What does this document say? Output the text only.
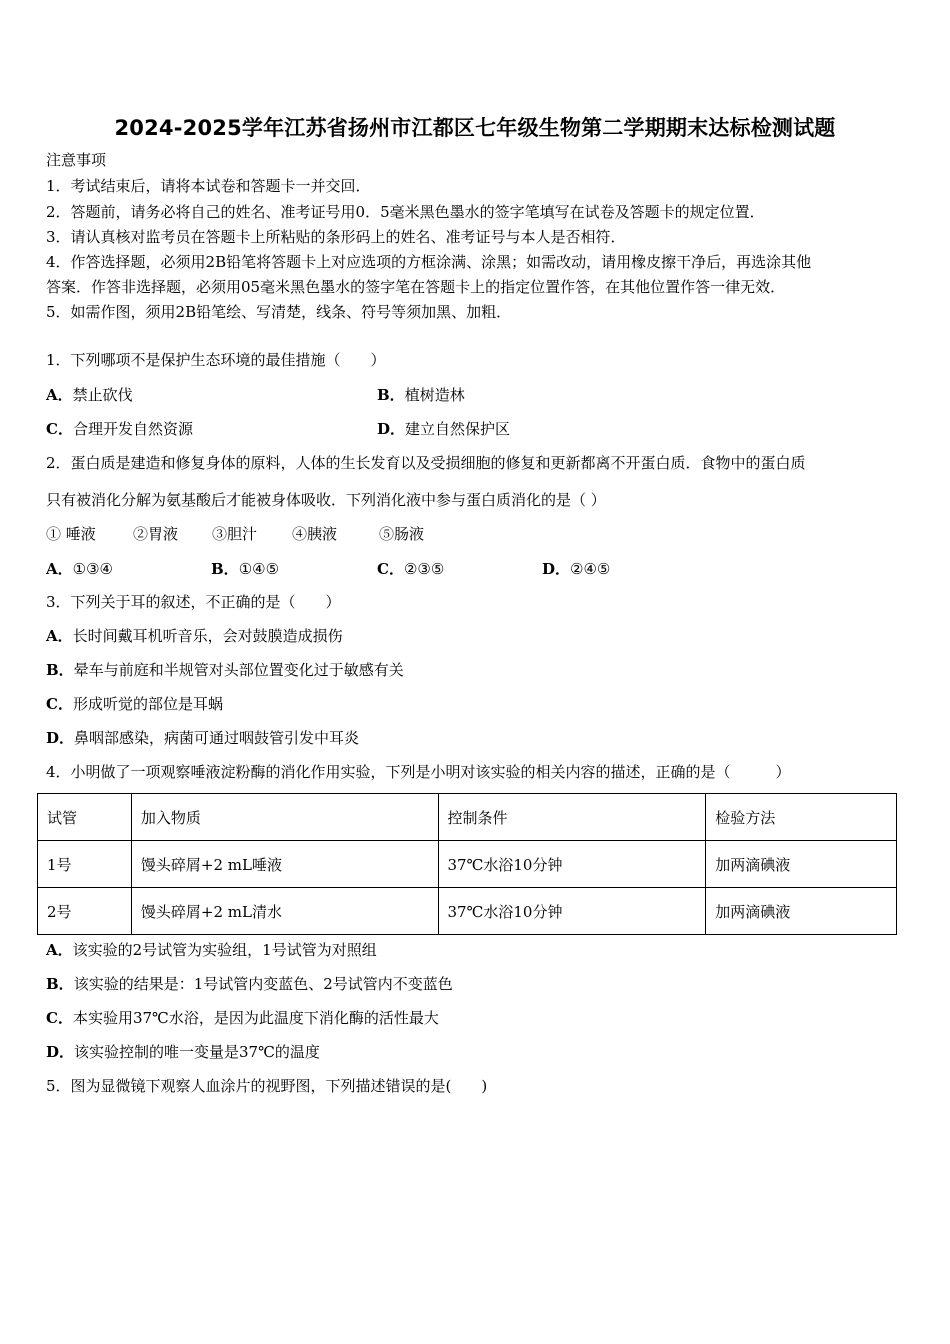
2024-2025学年江苏省扬州市江都区七年级生物第二学期期末达标检测试题
注意事项
1．考试结束后，请将本试卷和答题卡一并交回．
2．答题前，请务必将自己的姓名、准考证号用0．5毫米黑色墨水的签字笔填写在试卷及答题卡的规定位置．
3．请认真核对监考员在答题卡上所粘贴的条形码上的姓名、准考证号与本人是否相符．
4．作答选择题，必须用2B铅笔将答题卡上对应选项的方框涂满、涂黑；如需改动，请用橡皮擦干净后，再选涂其他
答案．作答非选择题，必须用05毫米黑色墨水的签字笔在答题卡上的指定位置作答，在其他位置作答一律无效．
5．如需作图，须用2B铅笔绘、写清楚，线条、符号等须加黑、加粗．
1．下列哪项不是保护生态环境的最佳措施（　　）
A．禁止砍伐	B．植树造林
C．合理开发自然资源	D．建立自然保护区
2．蛋白质是建造和修复身体的原料，人体的生长发育以及受损细胞的修复和更新都离不开蛋白质．食物中的蛋白质
只有被消化分解为氨基酸后才能被身体吸收．下列消化液中参与蛋白质消化的是（ ）
① 唾液 ②胃液 ③胆汁 ④胰液	⑤肠液
A．①③④	B．①④⑤	C．②③⑤	D．②④⑤
3．下列关于耳的叙述，不正确的是（　　）
A．长时间戴耳机听音乐，会对鼓膜造成损伤
B．晕车与前庭和半规管对头部位置变化过于敏感有关
C．形成听觉的部位是耳蜗
D．鼻咽部感染，病菌可通过咽鼓管引发中耳炎
4．小明做了一项观察唾液淀粉酶的消化作用实验，下列是小明对该实验的相关内容的描述，正确的是（　　　）
试管	加入物质	控制条件	检验方法
1号	馒头碎屑+2 mL唾液	37℃水浴10分钟	加两滴碘液
2号	馒头碎屑+2 mL清水	37℃水浴10分钟	加两滴碘液
A．该实验的2号试管为实验组，1号试管为对照组
B．该实验的结果是：1号试管内变蓝色、2号试管内不变蓝色
C．本实验用37℃水浴，是因为此温度下消化酶的活性最大
D．该实验控制的唯一变量是37℃的温度
5．图为显微镜下观察人血涂片的视野图，下列描述错误的是(　　)
